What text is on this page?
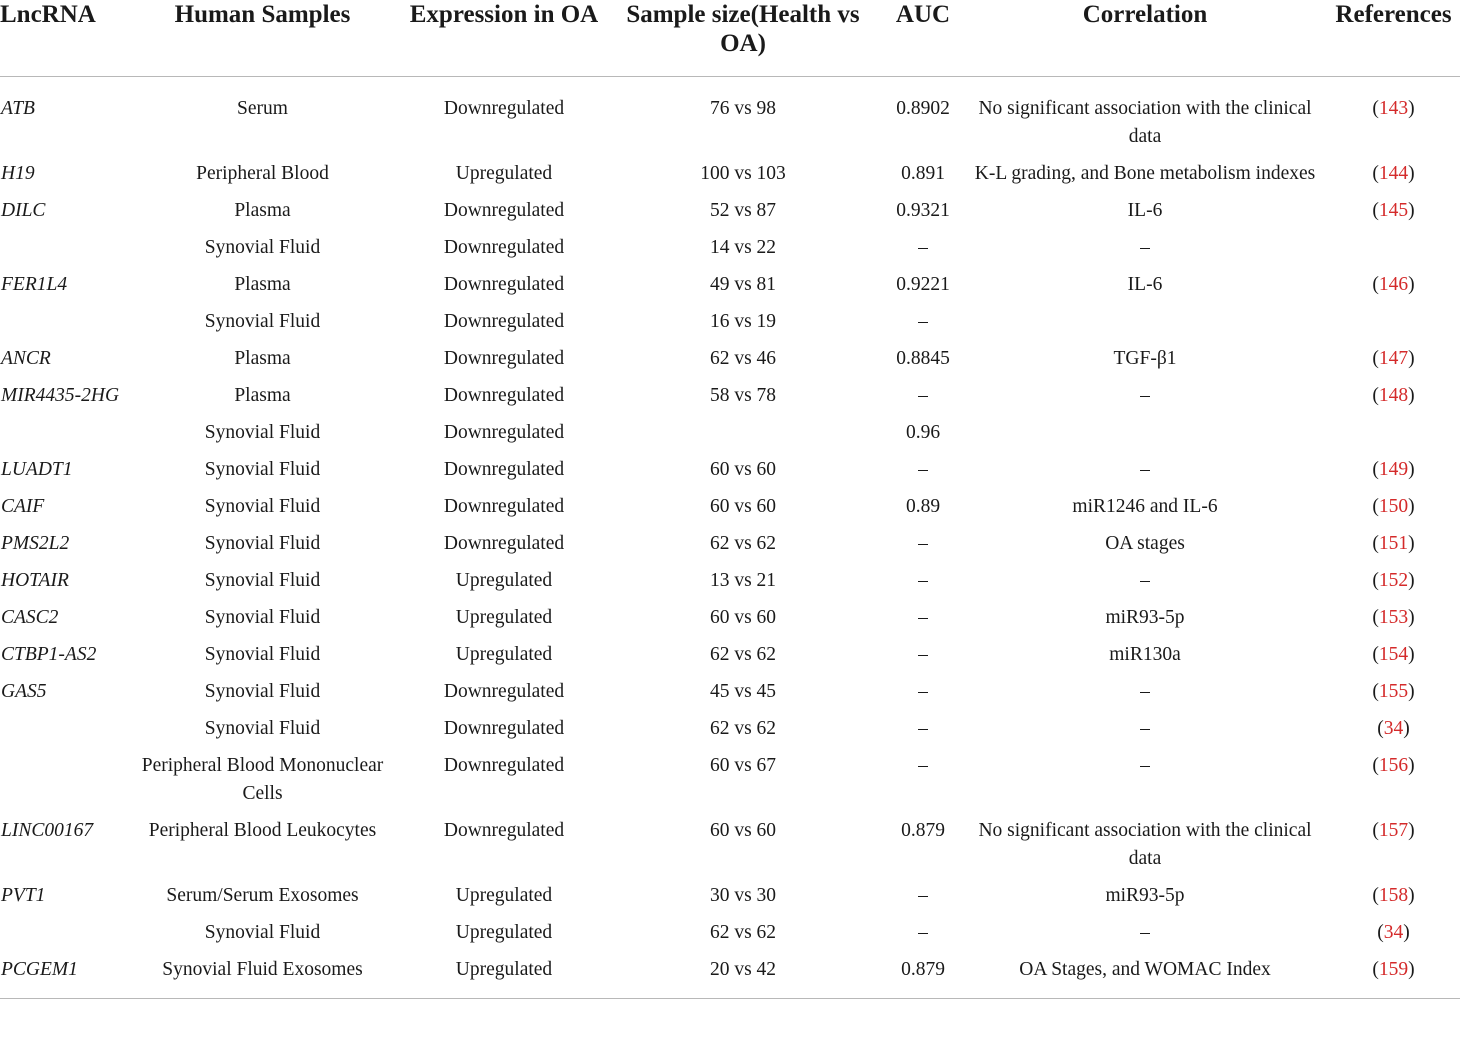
LncRNA	Human Samples	Expression in OA	Sample size(Health vs OA)	AUC	Correlation	References
ATB	Serum	Downregulated	76 vs 98	0.8902	No significant association with the clinical data	(143)
H19	Peripheral Blood	Upregulated	100 vs 103	0.891	K-L grading, and Bone metabolism indexes	(144)
DILC	Plasma	Downregulated	52 vs 87	0.9321	IL-6	(145)
	Synovial Fluid	Downregulated	14 vs 22	–	–	
FER1L4	Plasma	Downregulated	49 vs 81	0.9221	IL-6	(146)
	Synovial Fluid	Downregulated	16 vs 19	–		
ANCR	Plasma	Downregulated	62 vs 46	0.8845	TGF-β1	(147)
MIR4435-2HG	Plasma	Downregulated	58 vs 78	–	–	(148)
	Synovial Fluid	Downregulated		0.96		
LUADT1	Synovial Fluid	Downregulated	60 vs 60	–	–	(149)
CAIF	Synovial Fluid	Downregulated	60 vs 60	0.89	miR1246 and IL-6	(150)
PMS2L2	Synovial Fluid	Downregulated	62 vs 62	–	OA stages	(151)
HOTAIR	Synovial Fluid	Upregulated	13 vs 21	–	–	(152)
CASC2	Synovial Fluid	Upregulated	60 vs 60	–	miR93-5p	(153)
CTBP1-AS2	Synovial Fluid	Upregulated	62 vs 62	–	miR130a	(154)
GAS5	Synovial Fluid	Downregulated	45 vs 45	–	–	(155)
	Synovial Fluid	Downregulated	62 vs 62	–	–	(34)
	Peripheral Blood Mononuclear Cells	Downregulated	60 vs 67	–	–	(156)
LINC00167	Peripheral Blood Leukocytes	Downregulated	60 vs 60	0.879	No significant association with the clinical data	(157)
PVT1	Serum/Serum Exosomes	Upregulated	30 vs 30	–	miR93-5p	(158)
	Synovial Fluid	Upregulated	62 vs 62	–	–	(34)
PCGEM1	Synovial Fluid Exosomes	Upregulated	20 vs 42	0.879	OA Stages, and WOMAC Index	(159)
